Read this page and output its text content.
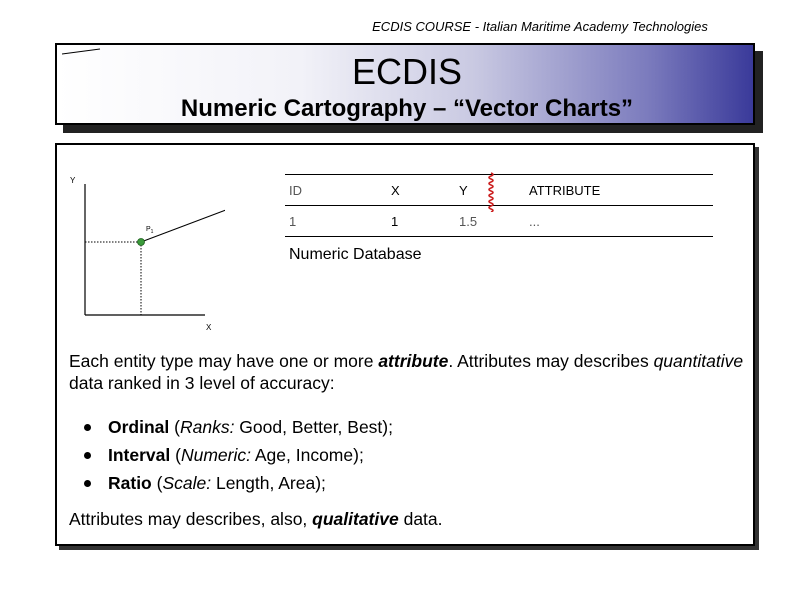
ECDIS COURSE - Italian Maritime Academy Technologies
ECDIS
Numeric Cartography – “Vector Charts”
Y
X
$P_1$
ID	X	Y	ATTRIBUTE
1	1	1.5	...
Numeric Database
Each entity type may have one or more attribute. Attributes may describes quantitative data ranked in 3 level of accuracy:
Ordinal (Ranks: Good, Better, Best);
Interval (Numeric: Age, Income);
Ratio (Scale: Length, Area);
Attributes may describes, also, qualitative data.
